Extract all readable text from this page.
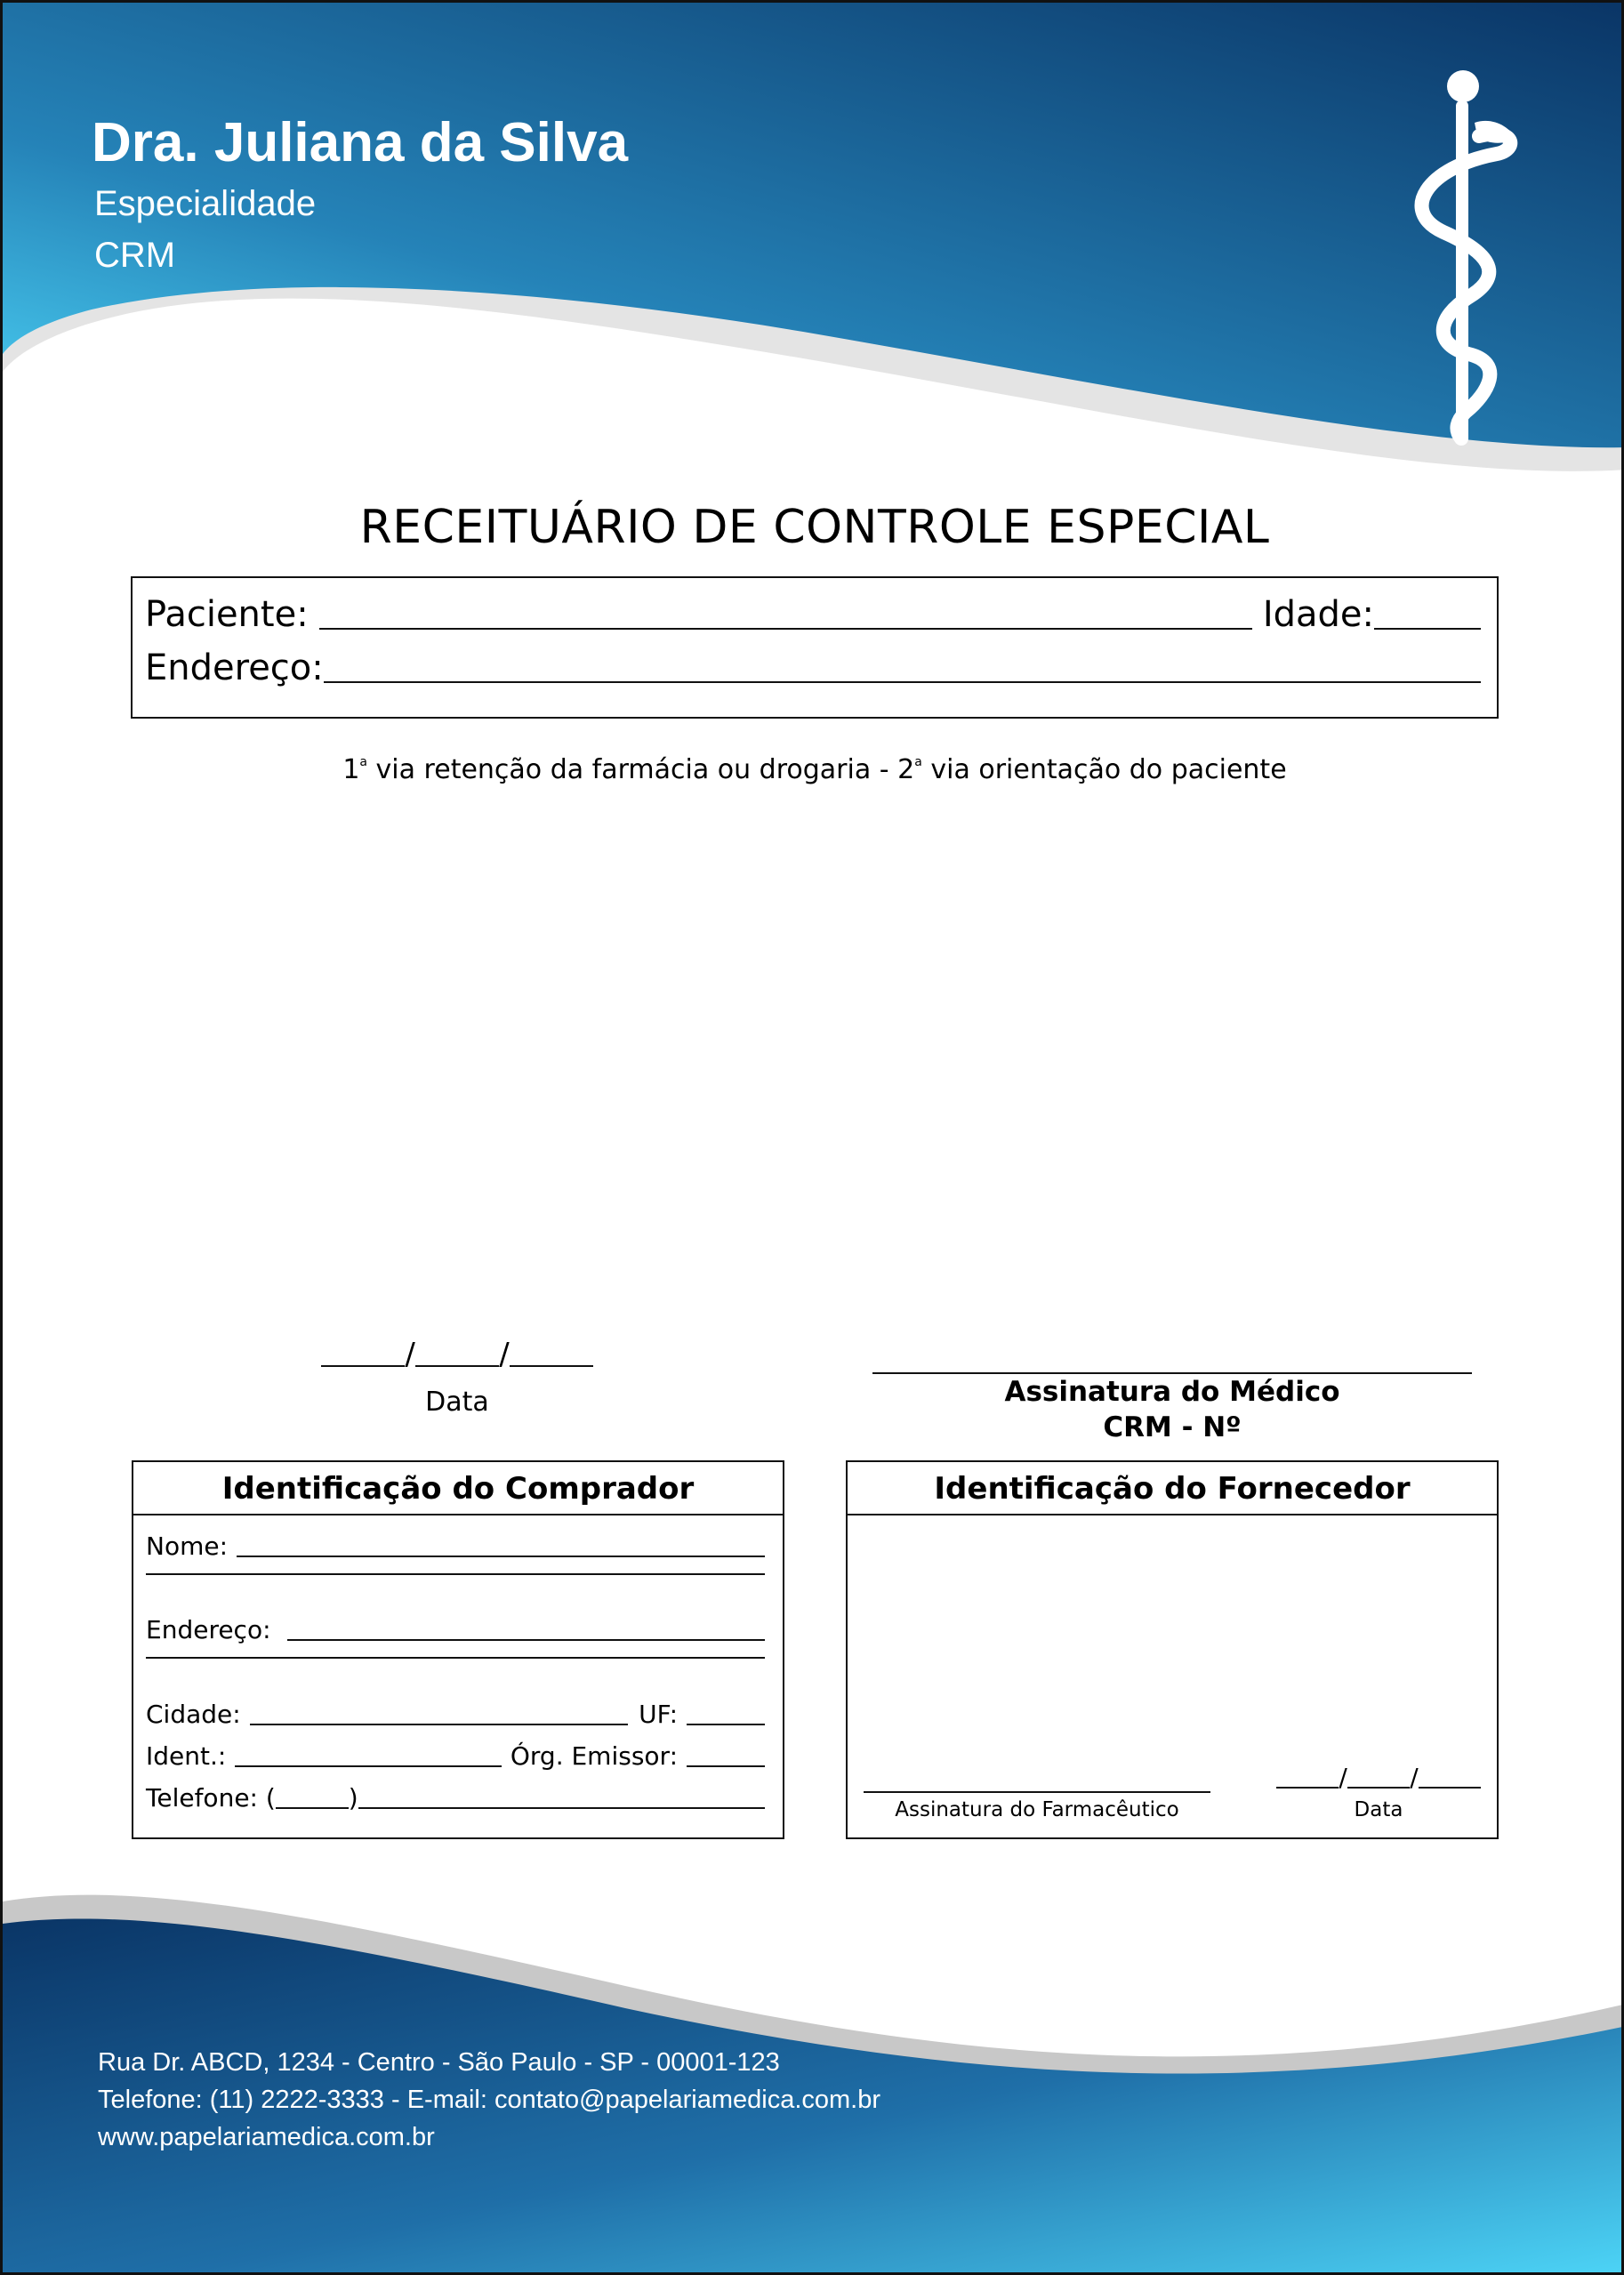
Dra. Juliana da Silva
Especialidade
CRM
RECEITUÁRIO DE CONTROLE ESPECIAL
Paciente:	Idade:
Endereço:
1$^a$ via retenção da farmácia ou drogaria - 2$^a$ via orientação do paciente
/	/
Data	Assinatura do Médico
CRM - Nº
Identificação do Comprador
Nome:
Endereço:
Cidade:	UF:
Ident.:	Órg. Emissor:
Telefone: (	)
Identificação do Fornecedor
Assinatura do Farmacêutico
/	/
Data
Rua Dr. ABCD, 1234 - Centro - São Paulo - SP - 00001-123
Telefone: (11) 2222-3333 - E-mail: contato@papelariamedica.com.br
www.papelariamedica.com.br
